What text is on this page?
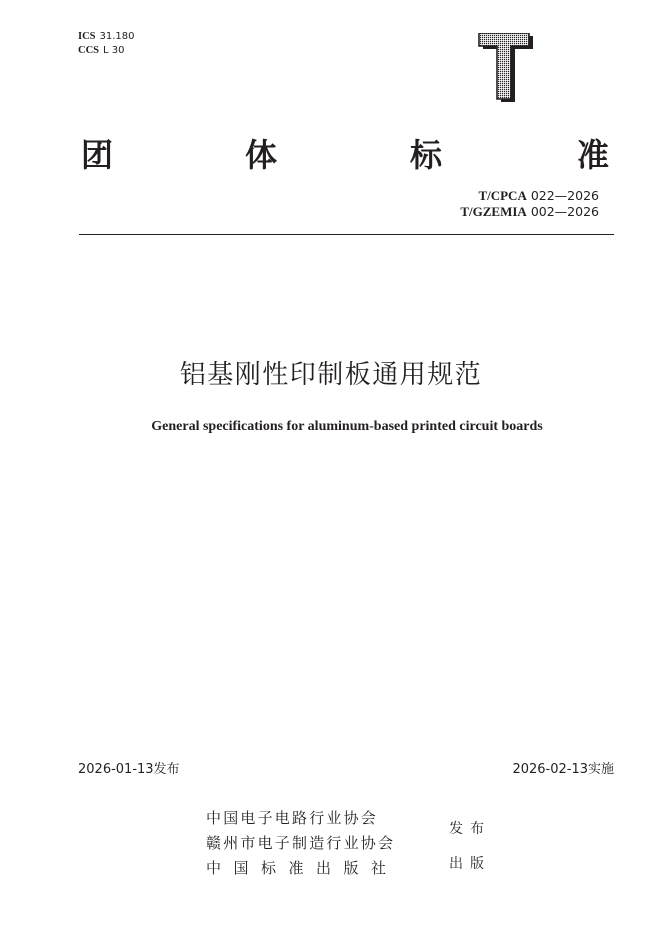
ICS 31.180
CCS L 30
团	体	标	准
T/CPCA 022—2026
T/GZEMIA 002—2026
铝基刚性印制板通用规范
General specifications for aluminum-based printed circuit boards
2026-01-13发布	2026-02-13实施
中国电子电路行业协会
赣州市电子制造行业协会
中国标准出版社
发布
出版
